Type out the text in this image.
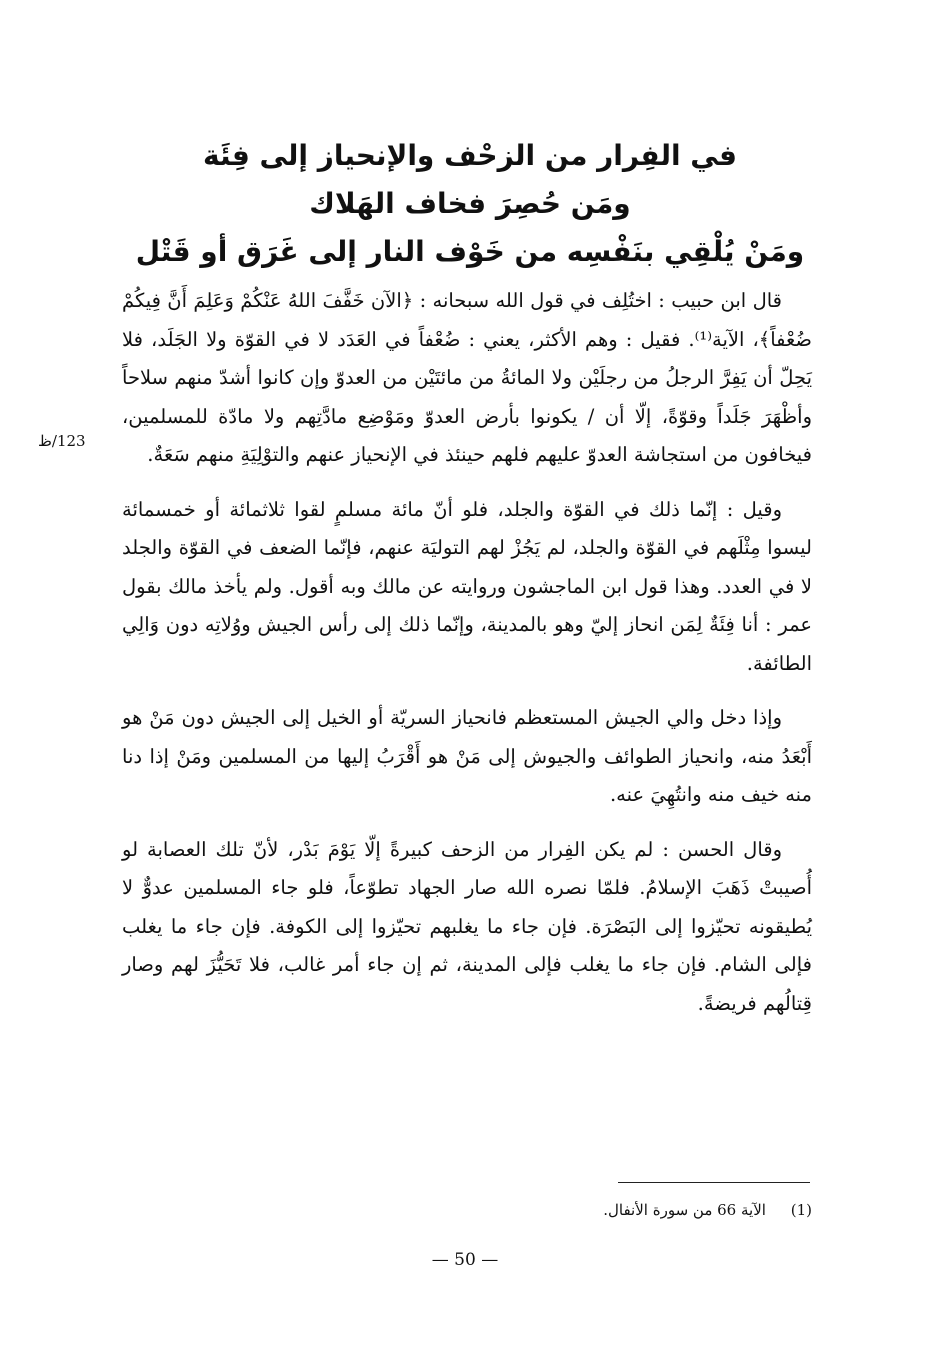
في الفِرار من الزحْف والإنحياز إلى فِئَة
ومَن حُصِرَ فخاف الهَلاك
ومَنْ يُلْقِي بنَفْسِه من خَوْف النار إلى غَرَق أو قَتْل

قال ابن حبيب : اختُلِف في قول الله سبحانه : ﴿الآن خَفَّفَ اللهُ عَنْكُمْ وَعَلِمَ أَنَّ فِيكُمْ ضُعْفاً﴾، الآية⁽¹⁾. فقيل : وهم الأكثر، يعني : ضُعْفاً في العَدَد لا في القوّة ولا الجَلَد، فلا يَحِلّ أن يَفِرَّ الرجلُ من رجلَيْن ولا المائةُ من مائتَيْن من العدوّ وإن كانوا أشدّ منهم سلاحاً وأظْهَرَ جَلَداً وقوّةً، إلّا أن / يكونوا بأرض العدوّ ومَوْضِع مادَّتِهم ولا مادّة للمسلمين، فيخافون من استجاشة العدوّ عليهم فلهم حينئذ في الإنحياز عنهم والتوْلِيَةِ منهم سَعَةٌ.

وقيل : إنّما ذلك في القوّة والجلد، فلو أنّ مائة مسلمٍ لقوا ثلاثمائة أو خمسمائة ليسوا مِثْلَهم في القوّة والجلد، لم يَجُزْ لهم التوليَة عنهم، فإنّما الضعف في القوّة والجلد لا في العدد. وهذا قول ابن الماجشون وروايته عن مالك وبه أقول. ولم يأخذ مالك بقول عمر : أنا فِئَةٌ لِمَن انحاز إليّ وهو بالمدينة، وإنّما ذلك إلى رأس الجيش ووُلاتِه دون وَالِي الطائفة.

وإذا دخل والي الجيش المستعظم فانحياز السريّة أو الخيل إلى الجيش دون مَنْ هو أَبْعَدُ منه، وانحياز الطوائف والجيوش إلى مَنْ هو أَقْرَبُ إليها من المسلمين ومَنْ إذا دنا منه خيف منه وانتُهِيَ عنه.

وقال الحسن : لم يكن الفِرار من الزحف كبيرةً إلّا يَوْمَ بَدْر، لأنّ تلك العصابة لو أُصيبتْ ذَهَبَ الإسلامُ. فلمّا نصره الله صار الجهاد تطوّعاً، فلو جاء المسلمين عدوٌّ لا يُطيقونه تحيّزوا إلى البَصْرَة. فإن جاء ما يغلبهم تحيّزوا إلى الكوفة. فإن جاء ما يغلب فإلى الشام. فإن جاء ما يغلب فإلى المدينة، ثم إن جاء أمر غالب، فلا تَحَيُّزَ لهم وصار قِتالُهم فريضةً.

123/ظ
(1) الآية 66 من سورة الأنفال.
— 50 —
